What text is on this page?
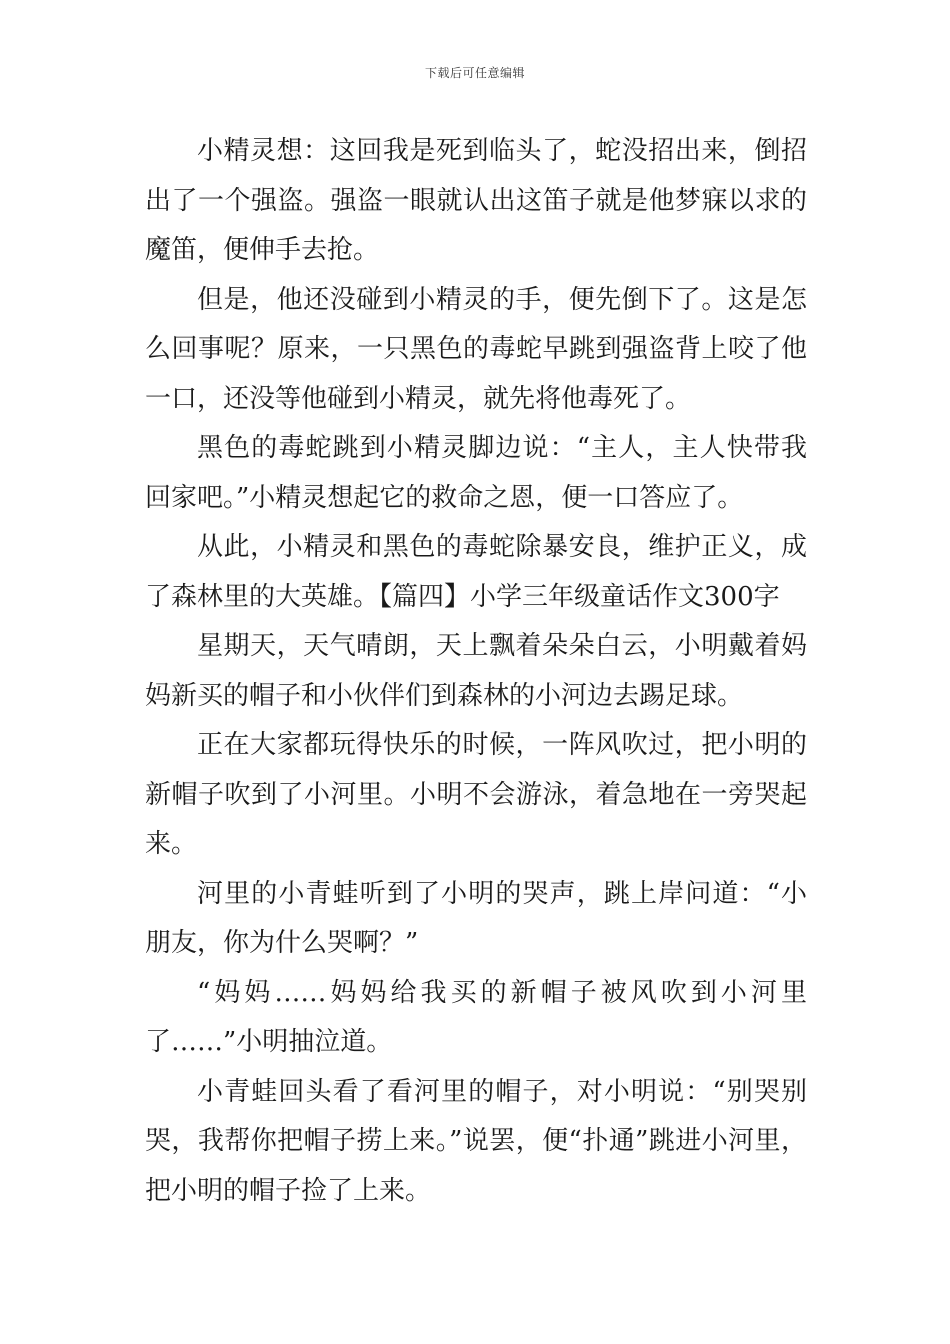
下载后可任意编辑

小精灵想：这回我是死到临头了，蛇没招出来，倒招出了一个强盗。强盗一眼就认出这笛子就是他梦寐以求的魔笛，便伸手去抢。

但是，他还没碰到小精灵的手，便先倒下了。这是怎么回事呢？原来，一只黑色的毒蛇早跳到强盗背上咬了他一口，还没等他碰到小精灵，就先将他毒死了。

黑色的毒蛇跳到小精灵脚边说：“主人，主人快带我回家吧。”小精灵想起它的救命之恩，便一口答应了。

从此，小精灵和黑色的毒蛇除暴安良，维护正义，成了森林里的大英雄。【篇四】小学三年级童话作文300字

星期天，天气晴朗，天上飘着朵朵白云，小明戴着妈妈新买的帽子和小伙伴们到森林的小河边去踢足球。

正在大家都玩得快乐的时候，一阵风吹过，把小明的新帽子吹到了小河里。小明不会游泳，着急地在一旁哭起来。

河里的小青蛙听到了小明的哭声，跳上岸问道：“小朋友，你为什么哭啊？”

“妈妈……妈妈给我买的新帽子被风吹到小河里了……”小明抽泣道。

小青蛙回头看了看河里的帽子，对小明说：“别哭别哭，我帮你把帽子捞上来。”说罢，便“扑通”跳进小河里，把小明的帽子捡了上来。
